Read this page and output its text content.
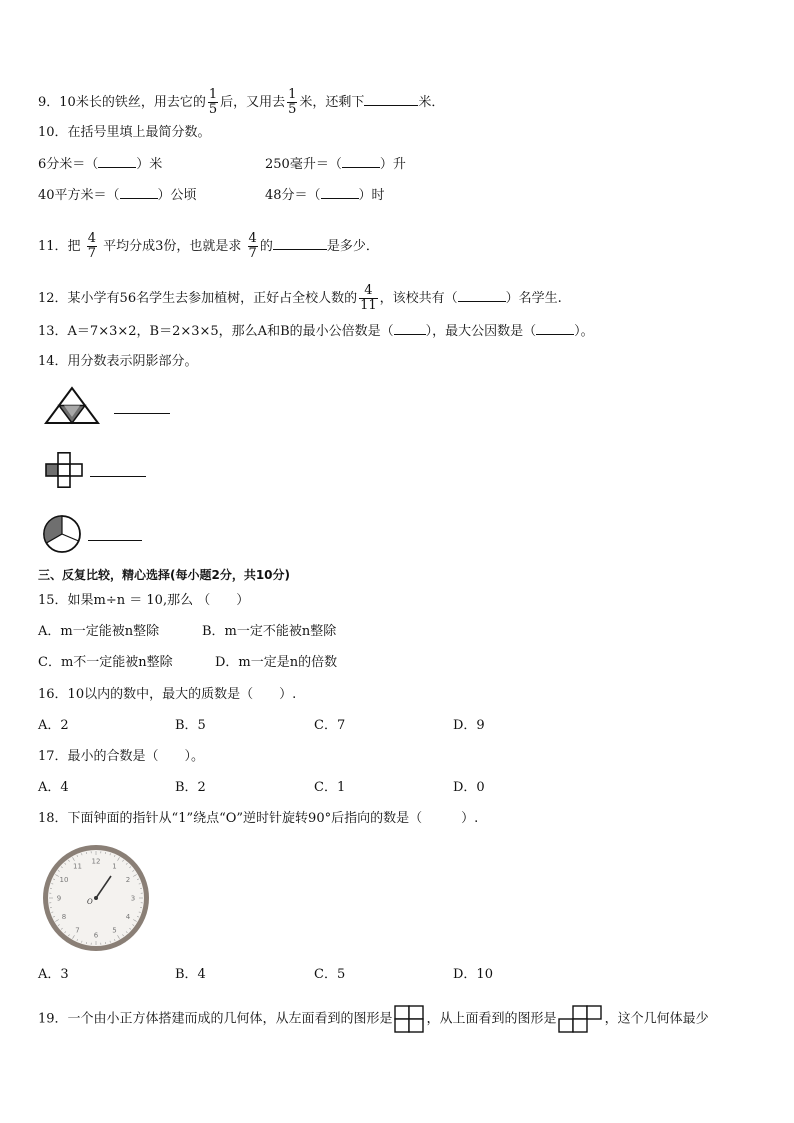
9．10米长的铁丝，用去它的 $\frac{1}{5}$ 后，又用去 $\frac{1}{5}$ 米，还剩下	米．
10．在括号里填上最简分数。
6分米＝（	）米	250毫升＝（	）升
40平方米＝（	）公顷	48分＝（	）时
11．把 $\frac{4}{7}$ 平均分成3份，也就是求 $\frac{4}{7}$ 的	是多少．
12．某小学有56名学生去参加植树，正好占全校人数的 $\frac{4}{11}$ ，该校共有（	）名学生.
13．A＝7×3×2，B＝2×3×5，那么A和B的最小公倍数是（ ），最大公因数是（	）。
14．用分数表示阴影部分。
三、反复比较，精心选择(每小题2分，共10分)
15．如果m÷n ＝ 10,那么 （　　）
A．m一定能被n整除	B．m一定不能被n整除
C．m不一定能被n整除	D．m一定是n的倍数
16．10以内的数中，最大的质数是（　　）.
A．2	B．5	C．7	D．9
17．最小的合数是（　　）。
A．4	B．2	C．1	D．0
18．下面钟面的指针从“1”绕点“O”逆时针旋转90°后指向的数是（　　　）.
12
1
2
3
4
5
6
7
8
9
10
11
O
A．3	B．4	C．5	D．10
19．一个由小正方体搭建而成的几何体，从左面看到的图形是	，从上面看到的图形是	，这个几何体最少
